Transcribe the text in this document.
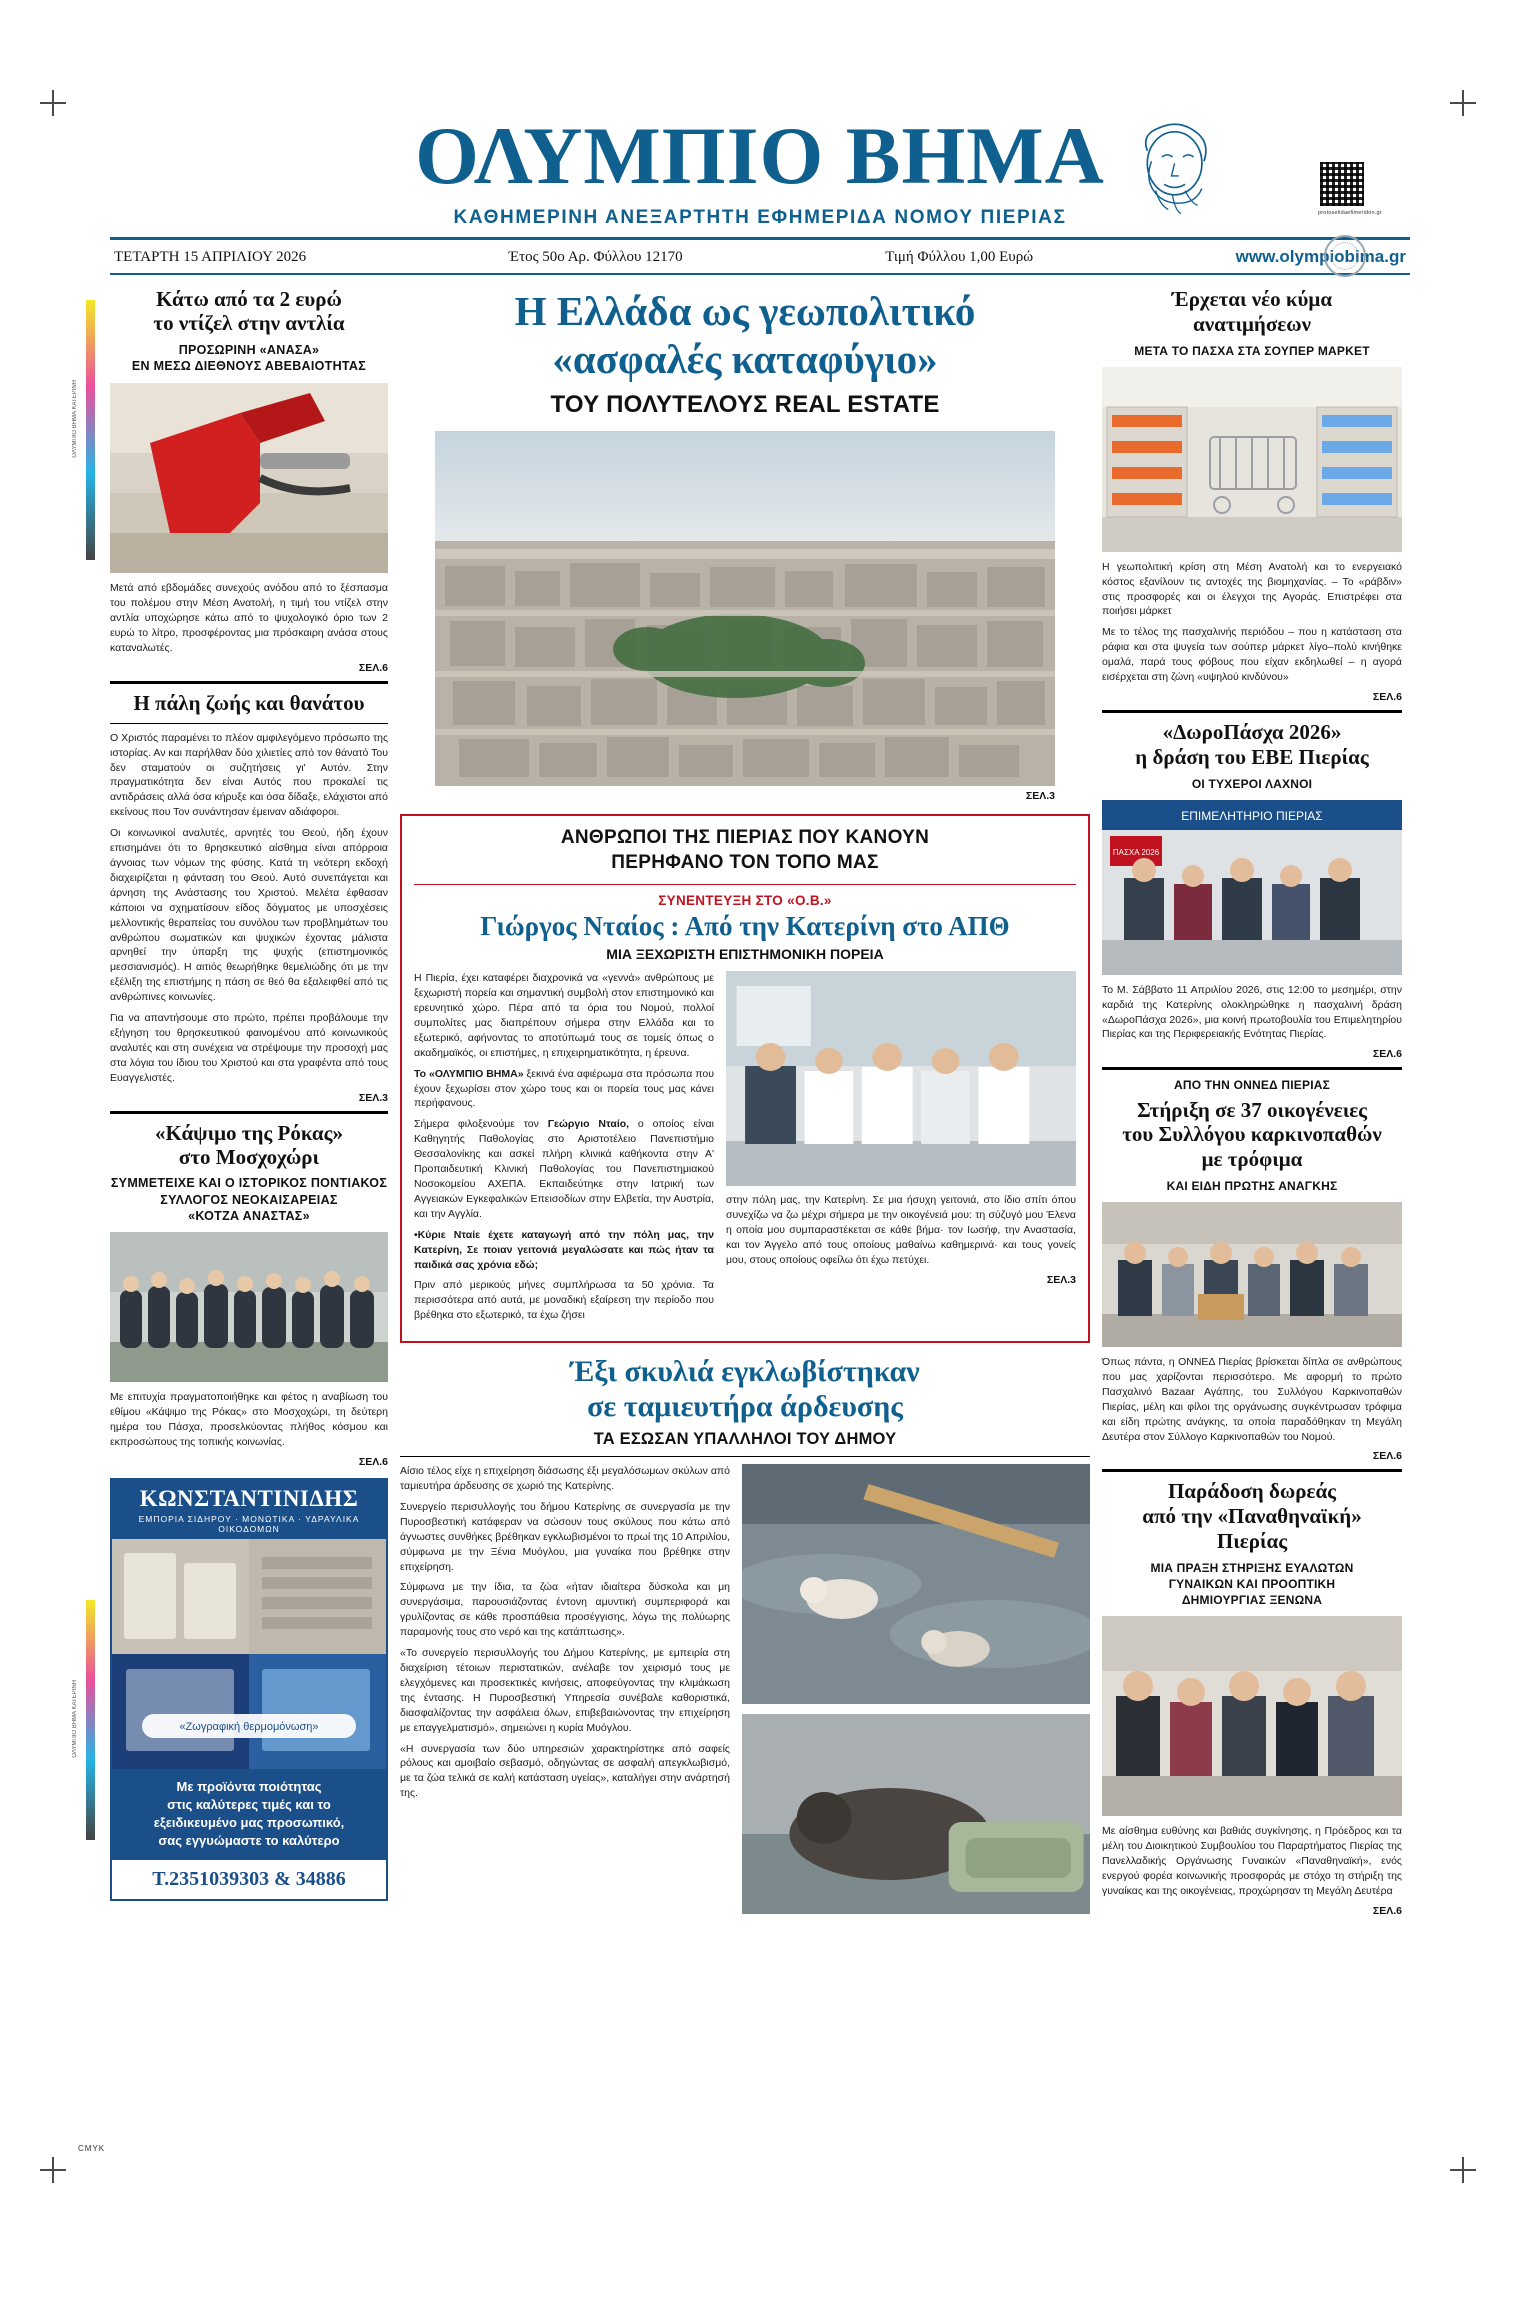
ΟΛΥΜΠΙΟ ΒΗΜΑ ΚΑΤΕΡΙΝΗ
ΟΛΥΜΠΙΟ ΒΗΜΑ ΚΑΤΕΡΙΝΗ
CMYK
protoselidaefimeridon.gr
ΟΛΥΜΠΙΟ ΒΗΜΑ
ΚΑΘΗΜΕΡΙΝΗ ΑΝΕΞΑΡΤΗΤΗ ΕΦΗΜΕΡΙΔΑ ΝΟΜΟΥ ΠΙΕΡΙΑΣ
ΤΕΤΑΡΤΗ 15 ΑΠΡΙΛΙΟΥ 2026	Έτος 50ο Αρ. Φύλλου 12170	Τιμή Φύλλου 1,00 Ευρώ	www.olympiobima.gr
Κάτω από τα 2 ευρώ
το ντίζελ στην αντλία
ΠΡΟΣΩΡΙΝΗ «ΑΝΑΣΑ»
ΕΝ ΜΕΣΩ ΔΙΕΘΝΟΥΣ ΑΒΕΒΑΙΟΤΗΤΑΣ

Μετά από εβδομάδες συνεχούς ανόδου από το ξέσπασμα του πολέμου στην Μέση Ανατολή, η τιμή του ντίζελ στην αντλία υποχώρησε κάτω από το ψυχολογικό όριο των 2 ευρώ το λίτρο, προσφέροντας μια πρόσκαιρη ανάσα στους καταναλωτές.

ΣΕΛ.6
Η πάλη ζωής και θανάτου

Ο Χριστός παραμένει το πλέον αμφιλεγόμενο πρόσωπο της ιστορίας. Αν και παρήλθαν δύο χιλιετίες από τον θάνατό Του δεν σταματούν οι συζητήσεις γι' Αυτόν. Στην πραγματικότητα δεν είναι Αυτός που προκαλεί τις αντιδράσεις αλλά όσα κήρυξε και όσα δίδαξε, ελάχιστοι από εκείνους που Τον συνάντησαν έμειναν αδιάφοροι.

Οι κοινωνικοί αναλυτές, αρνητές του Θεού, ήδη έχουν επισημάνει ότι το θρησκευτικό αίσθημα είναι απόρροια άγνοιας των νόμων της φύσης. Κατά τη νεότερη εκδοχή διαχειρίζεται η φάνταση του Θεού. Αυτό συνεπάγεται και άρνηση της Ανάστασης του Χριστού. Μελέτα έφθασαν κάποιοι να σχηματίσουν είδος δόγματος με υποσχέσεις μελλοντικής θεραπείας του συνόλου των προβλημάτων του ανθρώπου σωματικών και ψυχικών έχοντας μάλιστα αρνηθεί την ύπαρξη της ψυχής (επιστημονικός μεσσιανισμός). Η αιτιός θεωρήθηκε θεμελιώδης ότι με την εξέλιξη της επιστήμης η πάση σε θεό θα εξαλειφθεί από τις ανθρώπινες κοινωνίες.

Για να απαντήσουμε στο πρώτο, πρέπει προβάλουμε την εξήγηση του θρησκευτικού φαινομένου από κοινωνικούς αναλυτές και στη συνέχεια να στρέψουμε την προσοχή μας στα λόγια του ίδιου του Χριστού και στα γραφέντα από τους Ευαγγελιστές.

ΣΕΛ.3
«Κάψιμο της Ρόκας»
στο Μοσχοχώρι
ΣΥΜΜΕΤΕΙΧΕ ΚΑΙ Ο ΙΣΤΟΡΙΚΟΣ ΠΟΝΤΙΑΚΟΣ
ΣΥΛΛΟΓΟΣ ΝΕΟΚΑΙΣΑΡΕΙΑΣ
«ΚΟΤΖΑ ΑΝΑΣΤΑΣ»

Με επιτυχία πραγματοποιήθηκε και φέτος η αναβίωση του εθίμου «Κάψιμο της Ρόκας» στο Μοσχοχώρι, τη δεύτερη ημέρα του Πάσχα, προσελκύοντας πλήθος κόσμου και εκπροσώπους της τοπικής κοινωνίας.

ΣΕΛ.6
ΚΩΝΣΤΑΝΤΙΝΙΔΗΣ
ΕΜΠΟΡΙΑ ΣΙΔΗΡΟΥ · ΜΟΝΩΤΙΚΑ · ΥΔΡΑΥΛΙΚΑ ΟΙΚΟΔΟΜΩΝ
«Ζωγραφική θερμομόνωση»
Με προϊόντα ποιότητας
στις καλύτερες τιμές και το
εξειδικευμένο μας προσωπικό,
σας εγγυώμαστε το καλύτερο
Τ.2351039303 & 34886
Η Ελλάδα ως γεωπολιτικό
«ασφαλές καταφύγιο»
ΤΟΥ ΠΟΛΥΤΕΛΟΥΣ REAL ESTATE
ΣΕΛ.3
ΑΝΘΡΩΠΟΙ ΤΗΣ ΠΙΕΡΙΑΣ ΠΟΥ ΚΑΝΟΥΝ
ΠΕΡΗΦΑΝΟ ΤΟΝ ΤΟΠΟ ΜΑΣ
ΣΥΝΕΝΤΕΥΞΗ ΣΤΟ «Ο.Β.»
Γιώργος Νταίος : Από την Κατερίνη στο ΑΠΘ
ΜΙΑ ΞΕΧΩΡΙΣΤΗ ΕΠΙΣΤΗΜΟΝΙΚΗ ΠΟΡΕΙΑ

Η Πιερία, έχει καταφέρει διαχρονικά να «γεννά» ανθρώπους με ξεχωριστή πορεία και σημαντική συμβολή στον επιστημονικό και ερευνητικό χώρο. Πέρα από τα όρια του Νομού, πολλοί συμπολίτες μας διαπρέπουν σήμερα στην Ελλάδα και το εξωτερικό, αφήνοντας το αποτύπωμά τους σε τομείς όπως ο ακαδημαϊκός, οι επιστήμες, η επιχειρηματικότητα, η έρευνα.

Το «ΟΛΥΜΠΙΟ ΒΗΜΑ» ξεκινά ένα αφιέρωμα στα πρόσωπα που έχουν ξεχωρίσει στον χώρο τους και οι πορεία τους μας κάνει περήφανους.

Σήμερα φιλοξενούμε τον Γεώργιο Νταίο, ο οποίος είναι Καθηγητής Παθολογίας στο Αριστοτέλειο Πανεπιστήμιο Θεσσαλονίκης και ασκεί πλήρη κλινικά καθήκοντα στην Α' Προπαιδευτική Κλινική Παθολογίας του Πανεπιστημιακού Νοσοκομείου ΑΧΕΠΑ. Εκπαιδεύτηκε στην Ιατρική των Αγγειακών Εγκεφαλικών Επεισοδίων στην Ελβετία, την Αυστρία, και την Αγγλία.

•Κύριε Νταίε έχετε καταγωγή από την πόλη μας, την Κατερίνη, Σε ποιαν γειτονιά μεγαλώσατε και πώς ήταν τα παιδικά σας χρόνια εδώ;

Πριν από μερικούς μήνες συμπλήρωσα τα 50 χρόνια. Τα περισσότερα από αυτά, με μοναδική εξαίρεση την περίοδο που βρέθηκα στο εξωτερικό, τα έχω ζήσει

στην πόλη μας, την Κατερίνη. Σε μια ήσυχη γειτονιά, στο ίδιο σπίτι όπου συνεχίζω να ζω μέχρι σήμερα με την οικογένειά μου: τη σύζυγό μου Έλενα η οποία μου συμπαραστέκεται σε κάθε βήμα· τον Ιωσήφ, την Αναστασία, και τον Άγγελο από τους οποίους μαθαίνω καθημερινά· και τους γονείς μου, στους οποίους οφείλω ότι έχω πετύχει.

ΣΕΛ.3
Έξι σκυλιά εγκλωβίστηκαν
σε ταμιευτήρα άρδευσης
ΤΑ ΕΣΩΣΑΝ ΥΠΑΛΛΗΛΟΙ ΤΟΥ ΔΗΜΟΥ

Αίσιο τέλος είχε η επιχείρηση διάσωσης έξι μεγαλόσωμων σκύλων από ταμιευτήρα άρδευσης σε χωριό της Κατερίνης.

Συνεργείο περισυλλογής του δήμου Κατερίνης σε συνεργασία με την Πυροσβεστική κατάφεραν να σώσουν τους σκύλους που κάτω από άγνωστες συνθήκες βρέθηκαν εγκλωβισμένοι το πρωί της 10 Απριλίου, σύμφωνα με την Ξένια Μυόγλου, μια γυναίκα που βρέθηκε στην επιχείρηση.

Σύμφωνα με την ίδια, τα ζώα «ήταν ιδιαίτερα δύσκολα και μη συνεργάσιμα, παρουσιάζοντας έντονη αμυντική συμπεριφορά και γρυλίζοντας σε κάθε προσπάθεια προσέγγισης, λόγω της πολύωρης παραμονής τους στο νερό και της κατάπτωσης».

«Το συνεργείο περισυλλογής του Δήμου Κατερίνης, με εμπειρία στη διαχείριση τέτοιων περιστατικών, ανέλαβε τον χειρισμό τους με ελεγχόμενες και προσεκτικές κινήσεις, αποφεύγοντας την κλιμάκωση της έντασης. Η Πυροσβεστική Υπηρεσία συνέβαλε καθοριστικά, διασφαλίζοντας την ασφάλεια όλων, επιβεβαιώνοντας την επιχείρηση με επαγγελματισμό», σημειώνει η κυρία Μυόγλου.

«Η συνεργασία των δύο υπηρεσιών χαρακτηρίστηκε από σαφείς ρόλους και αμοιβαίο σεβασμό, οδηγώντας σε ασφαλή απεγκλωβισμό, με τα ζώα τελικά σε καλή κατάσταση υγείας», καταλήγει στην ανάρτησή της.

Έρχεται νέο κύμα
ανατιμήσεων
ΜΕΤΑ ΤΟ ΠΑΣΧΑ ΣΤΑ ΣΟΥΠΕΡ ΜΑΡΚΕΤ

Η γεωπολιτική κρίση στη Μέση Ανατολή και το ενεργειακό κόστος εξανίλουν τις αντοχές της βιομηχανίας. – Το «ράβδιν» στις προσφορές και οι έλεγχοι της Αγοράς. Επιστρέφει στα ποιήσει μάρκετ

Με το τέλος της πασχαλινής περιόδου – που η κατάσταση στα ράφια και στα ψυγεία των σούπερ μάρκετ λίγο–πολύ κινήθηκε ομαλά, παρά τους φόβους που είχαν εκδηλωθεί – η αγορά εισέρχεται στη ζώνη «υψηλού κινδύνου»

ΣΕΛ.6
«ΔωροΠάσχα 2026»
η δράση του ΕΒΕ Πιερίας
ΟΙ ΤΥΧΕΡΟΙ ΛΑΧΝΟΙ
ΕΠΙΜΕΛΗΤΗΡΙΟ ΠΙΕΡΙΑΣ
ΠΑΣΧΑ 2026

Το Μ. Σάββατο 11 Απριλίου 2026, στις 12:00 το μεσημέρι, στην καρδιά της Κατερίνης ολοκληρώθηκε η πασχαλινή δράση «ΔωροΠάσχα 2026», μια κοινή πρωτοβουλία του Επιμελητηρίου Πιερίας και της Περιφερειακής Ενότητας Πιερίας.

ΣΕΛ.6
ΑΠΟ ΤΗΝ ΟΝΝΕΔ ΠΙΕΡΙΑΣ
Στήριξη σε 37 οικογένειες
του Συλλόγου καρκινοπαθών
με τρόφιμα
ΚΑΙ ΕΙΔΗ ΠΡΩΤΗΣ ΑΝΑΓΚΗΣ

Όπως πάντα, η ΟΝΝΕΔ Πιερίας βρίσκεται δίπλα σε ανθρώπους που μας χαρίζονται περισσότερο. Με αφορμή το πρώτο Πασχαλινό Bazaar Αγάπης, του Συλλόγου Καρκινοπαθών Πιερίας, μέλη και φίλοι της οργάνωσης συγκέντρωσαν τρόφιμα και είδη πρώτης ανάγκης, τα οποία παραδόθηκαν τη Μεγάλη Δευτέρα στον Σύλλογο Καρκινοπαθών του Νομού.

ΣΕΛ.6
Παράδοση δωρεάς
από την «Παναθηναϊκή»
Πιερίας
ΜΙΑ ΠΡΑΞΗ ΣΤΗΡΙΞΗΣ ΕΥΑΛΩΤΩΝ
ΓΥΝΑΙΚΩΝ ΚΑΙ ΠΡΟΟΠΤΙΚΗ
ΔΗΜΙΟΥΡΓΙΑΣ ΞΕΝΩΝΑ

Με αίσθημα ευθύνης και βαθιάς συγκίνησης, η Πρόεδρος και τα μέλη του Διοικητικού Συμβουλίου του Παραρτήματος Πιερίας της Πανελλαδικής Οργάνωσης Γυναικών «Παναθηναϊκή», ενός ενεργού φορέα κοινωνικής προσφοράς με στόχο τη στήριξη της γυναίκας και της οικογένειας, προχώρησαν τη Μεγάλη Δευτέρα

ΣΕΛ.6
